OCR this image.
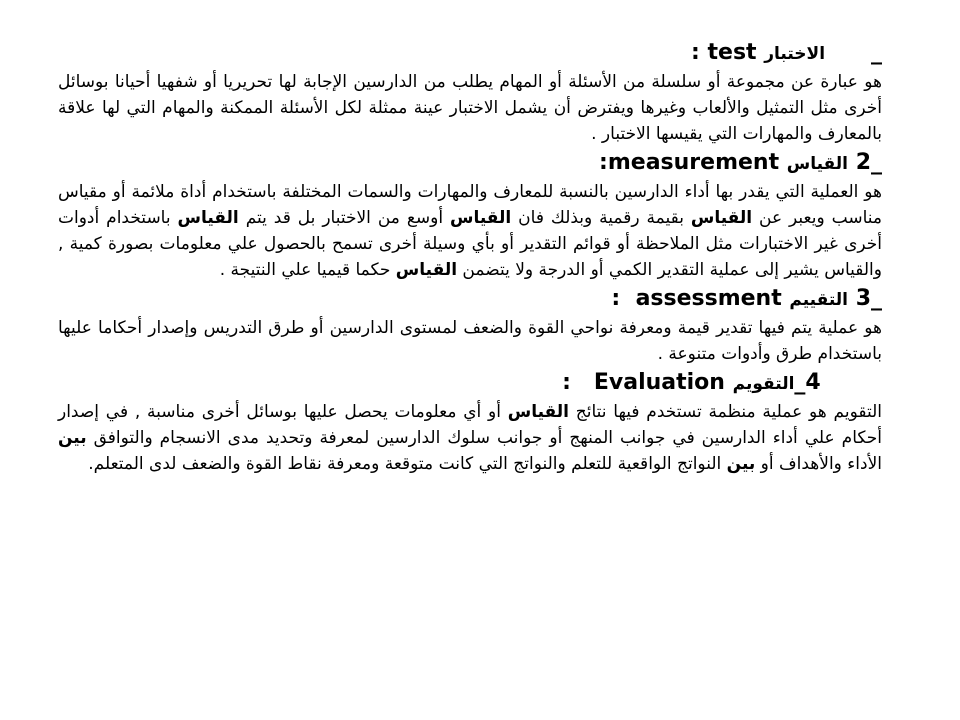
_      الاختبار test :

هو عبارة عن مجموعة أو سلسلة من الأسئلة أو المهام يطلب من الدارسين الإجابة لها تحريريا أو شفهيا أحيانا بوسائل أخرى مثل التمثيل والألعاب وغيرها ويفترض أن يشمل الاختبار عينة ممثلة لكل الأسئلة الممكنة والمهام التي لها علاقة بالمعارف والمهارات التي يقيسها الاختبار .

2_ القياس measurement:

هو العملية التي يقدر بها أداء الدارسين بالنسبة للمعارف والمهارات والسمات المختلفة باستخدام أداة ملائمة أو مقياس مناسب ويعبر عن القياس بقيمة رقمية وبذلك فان القياس أوسع من الاختبار بل قد يتم القياس باستخدام أدوات أخرى غير الاختبارات مثل الملاحظة أو قوائم التقدير أو بأي وسيلة أخرى تسمح بالحصول علي معلومات بصورة كمية , والقياس يشير إلى عملية التقدير الكمي أو الدرجة ولا يتضمن القياس حكما قيميا علي النتيجة .

3_ التقييم assessment  :

هو عملية يتم فيها تقدير قيمة ومعرفة نواحي القوة والضعف لمستوى الدارسين أو طرق التدريس وإصدار أحكاما عليها باستخدام طرق وأدوات متنوعة .

_4التقويم Evaluation   :

التقويم هو عملية منظمة تستخدم فيها نتائج القياس أو أي معلومات يحصل عليها بوسائل أخرى مناسبة , في إصدار أحكام علي أداء الدارسين في جوانب المنهج أو جوانب سلوك الدارسين لمعرفة وتحديد مدى الانسجام والتوافق بين الأداء والأهداف أو بين النواتج الواقعية للتعلم والنواتج التي كانت متوقعة ومعرفة نقاط القوة والضعف لدى المتعلم.
